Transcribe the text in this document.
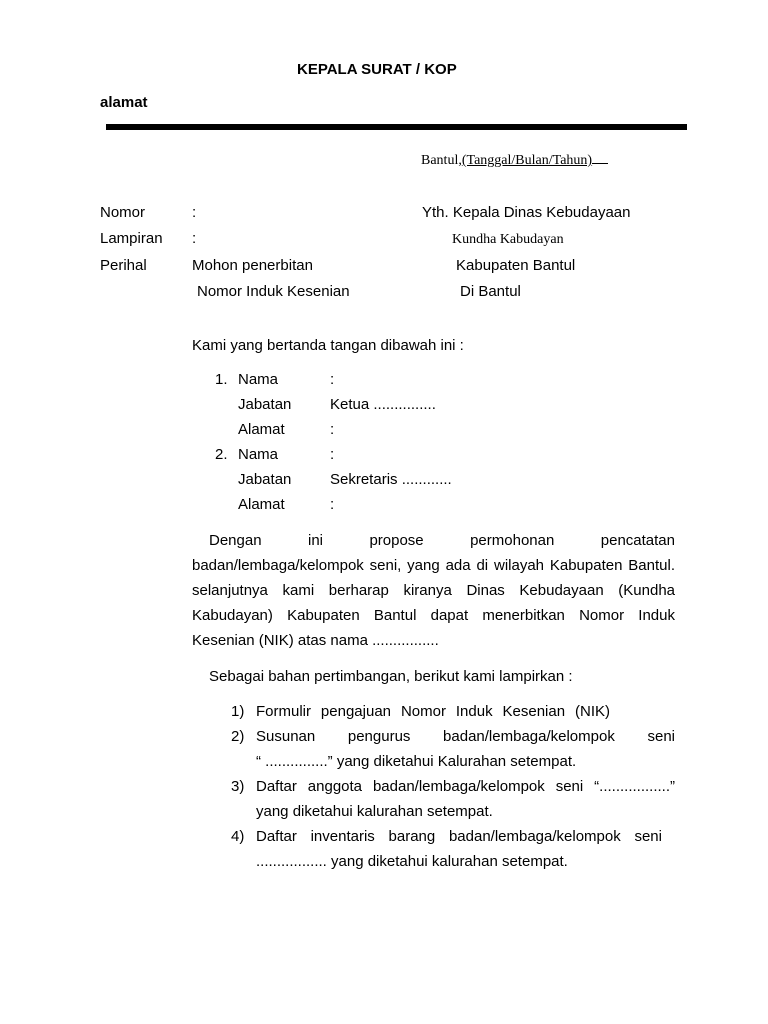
KEPALA SURAT / KOP
alamat
Bantul,(Tanggal/Bulan/Tahun)
Nomor	:
Lampiran :
Perihal	Mohon penerbitan
Nomor Induk Kesenian
Yth. Kepala Dinas Kebudayaan
Kundha Kabudayan
Kabupaten Bantul
Di Bantul
Kami yang bertanda tangan dibawah ini :
1. Nama	:
Jabatan	Ketua ...............
Alamat	:
2. Nama	:
Jabatan	Sekretaris ............
Alamat	:
Dengan ini propose permohonan pencatatan
badan/lembaga/kelompok seni, yang ada di wilayah Kabupaten Bantul.
selanjutnya kami berharap kiranya Dinas Kebudayaan (Kundha
Kabudayan) Kabupaten Bantul dapat menerbitkan Nomor Induk
Kesenian (NIK) atas nama ................
Sebagai bahan pertimbangan, berikut kami lampirkan :
1) Formulir pengajuan Nomor Induk Kesenian (NIK)
2) Susunan pengurus badan/lembaga/kelompok seni
“ ...............” yang diketahui Kalurahan setempat.
3) Daftar anggota badan/lembaga/kelompok seni “.................”
yang diketahui kalurahan setempat.
4) Daftar inventaris barang badan/lembaga/kelompok seni
................. yang diketahui kalurahan setempat.
